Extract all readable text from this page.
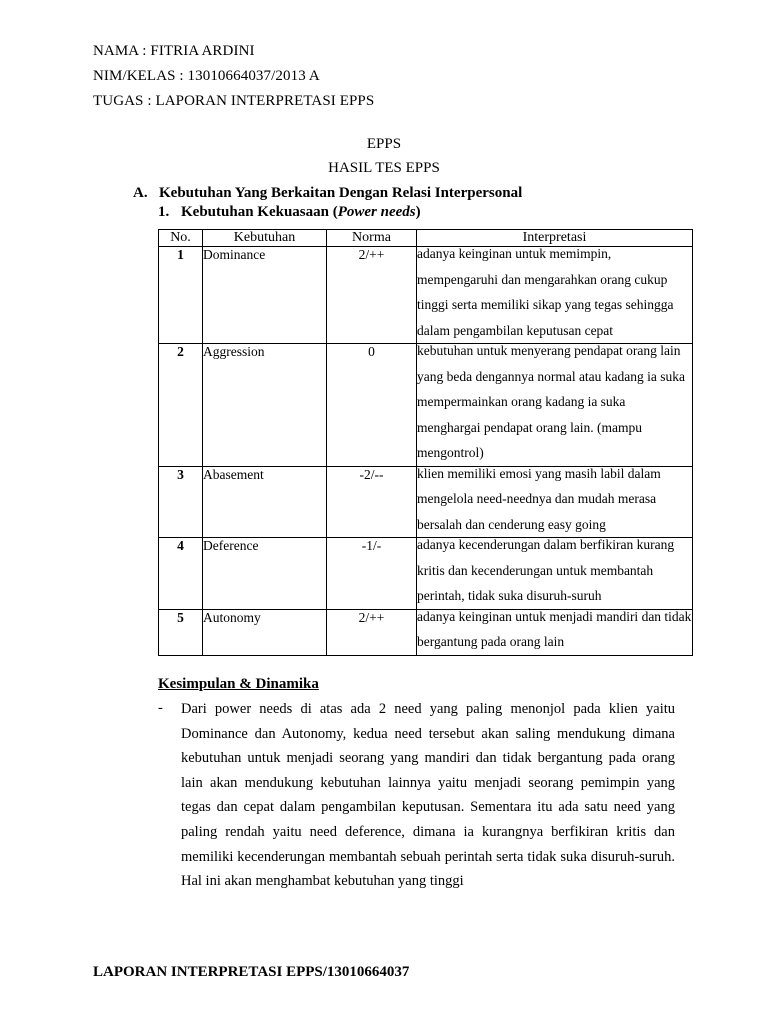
NAMA : FITRIA ARDINI
NIM/KELAS : 13010664037/2013 A
TUGAS : LAPORAN INTERPRETASI EPPS
EPPS
HASIL TES EPPS
A. Kebutuhan Yang Berkaitan Dengan Relasi Interpersonal
1. Kebutuhan Kekuasaan (Power needs)
No.	Kebutuhan	Norma	Interpretasi
1	Dominance	2/++	adanya keinginan untuk memimpin, mempengaruhi dan mengarahkan orang cukup tinggi serta memiliki sikap yang tegas sehingga dalam pengambilan keputusan cepat

2	Aggression	0	kebutuhan untuk menyerang pendapat orang lain yang beda dengannya normal atau kadang ia suka mempermainkan orang kadang ia suka menghargai pendapat orang lain. (mampu mengontrol)

3	Abasement	-2/--	klien memiliki emosi yang masih labil dalam mengelola need-neednya dan mudah merasa bersalah dan cenderung easy going

4	Deference	-1/-	adanya kecenderungan dalam berfikiran kurang kritis dan kecenderungan untuk membantah perintah, tidak suka disuruh-suruh

5	Autonomy	2/++	adanya keinginan untuk menjadi mandiri dan tidak bergantung pada orang lain
Kesimpulan & Dinamika
- Dari power needs di atas ada 2 need yang paling menonjol pada klien yaitu Dominance dan Autonomy, kedua need tersebut akan saling mendukung dimana kebutuhan untuk menjadi seorang yang mandiri dan tidak bergantung pada orang lain akan mendukung kebutuhan lainnya yaitu menjadi seorang pemimpin yang tegas dan cepat dalam pengambilan keputusan. Sementara itu ada satu need yang paling rendah yaitu need deference, dimana ia kurangnya berfikiran kritis dan memiliki kecenderungan membantah sebuah perintah serta tidak suka disuruh-suruh. Hal ini akan menghambat kebutuhan yang tinggi
LAPORAN INTERPRETASI EPPS/13010664037
